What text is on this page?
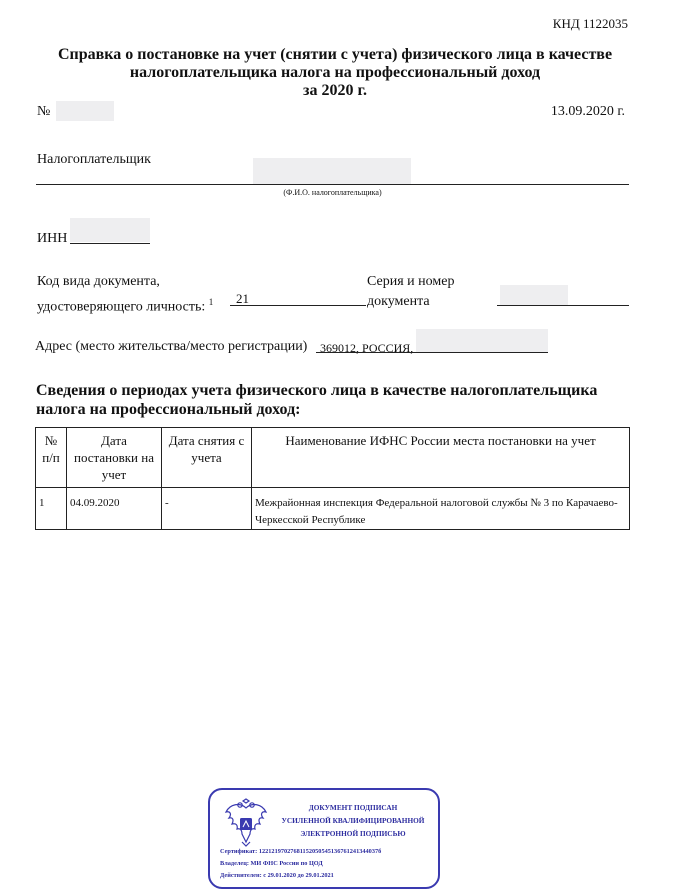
КНД 1122035
Справка о постановке на учет (снятии с учета) физического лица в качестве
налогоплательщика налога на профессиональный доход
за 2020 г.
№	13.09.2020 г.
Налогоплательщик
(Ф.И.О. налогоплательщика)
ИНН
Код вида документа,
удостоверяющего личность: $^1$ 21
Серия и номер
документа
Адрес (место жительства/место регистрации) 369012, РОССИЯ,
Сведения о периодах учета физического лица в качестве налогоплательщика
налога на профессиональный доход:
№ п/п	Дата постановки на учет	Дата снятия с учета	Наименование ИФНС России места постановки на учет
1	04.09.2020	-	Межрайонная инспекция Федеральной налоговой службы № 3 по Карачаево-Черкесской Республике
ДОКУМЕНТ ПОДПИСАН
УСИЛЕННОЙ КВАЛИФИЦИРОВАННОЙ
ЭЛЕКТРОННОЙ ПОДПИСЬЮ
Сертификат: 12212197027681152050545136761241344037б
Владелец: МИ ФНС России по ЦОД
Действителен: с 29.01.2020 до 29.01.2021
